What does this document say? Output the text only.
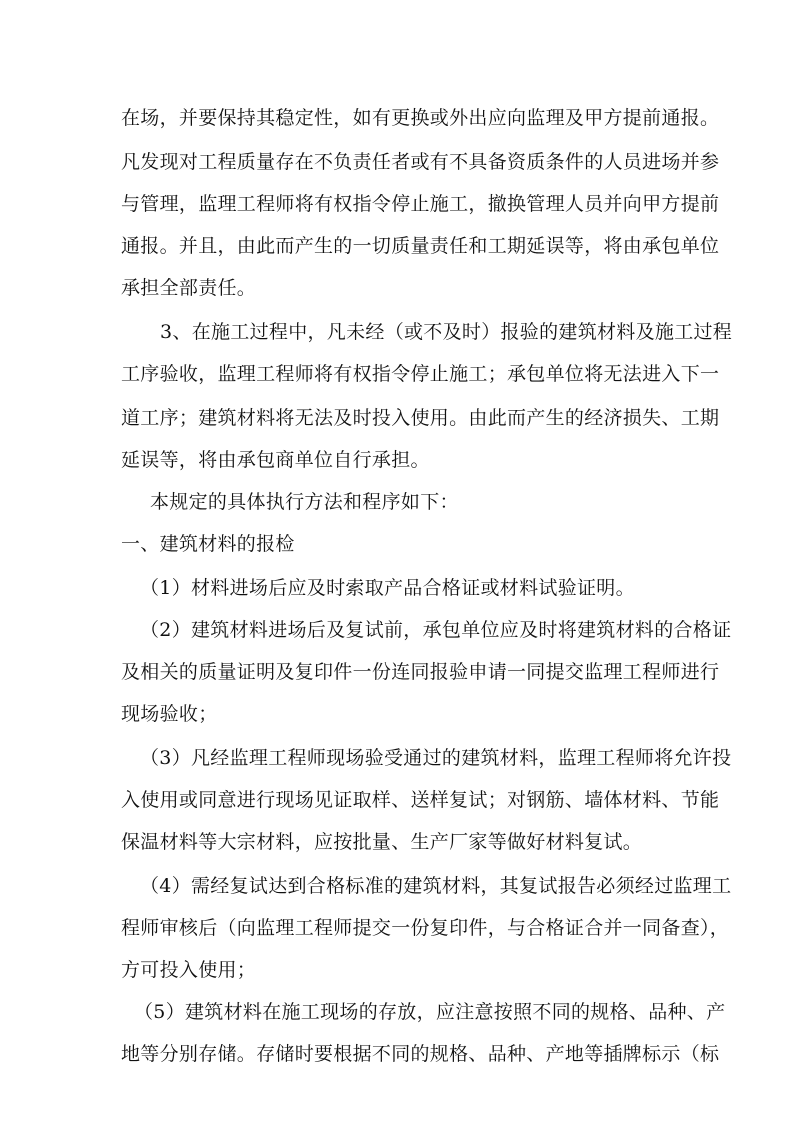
在场，并要保持其稳定性，如有更换或外出应向监理及甲方提前通报。
凡发现对工程质量存在不负责任者或有不具备资质条件的人员进场并参
与管理，监理工程师将有权指令停止施工，撤换管理人员并向甲方提前
通报。并且，由此而产生的一切质量责任和工期延误等，将由承包单位
承担全部责任。
3、在施工过程中，凡未经（或不及时）报验的建筑材料及施工过程
工序验收，监理工程师将有权指令停止施工；承包单位将无法进入下一
道工序；建筑材料将无法及时投入使用。由此而产生的经济损失、工期
延误等，将由承包商单位自行承担。
本规定的具体执行方法和程序如下：
一、建筑材料的报检
（1）材料进场后应及时索取产品合格证或材料试验证明。
（2）建筑材料进场后及复试前，承包单位应及时将建筑材料的合格证
及相关的质量证明及复印件一份连同报验申请一同提交监理工程师进行
现场验收；
（3）凡经监理工程师现场验受通过的建筑材料，监理工程师将允许投
入使用或同意进行现场见证取样、送样复试；对钢筋、墙体材料、节能
保温材料等大宗材料，应按批量、生产厂家等做好材料复试。
（4）需经复试达到合格标准的建筑材料，其复试报告必须经过监理工
程师审核后（向监理工程师提交一份复印件，与合格证合并一同备查），
方可投入使用；
（5）建筑材料在施工现场的存放，应注意按照不同的规格、品种、产
地等分别存储。存储时要根据不同的规格、品种、产地等插牌标示（标
